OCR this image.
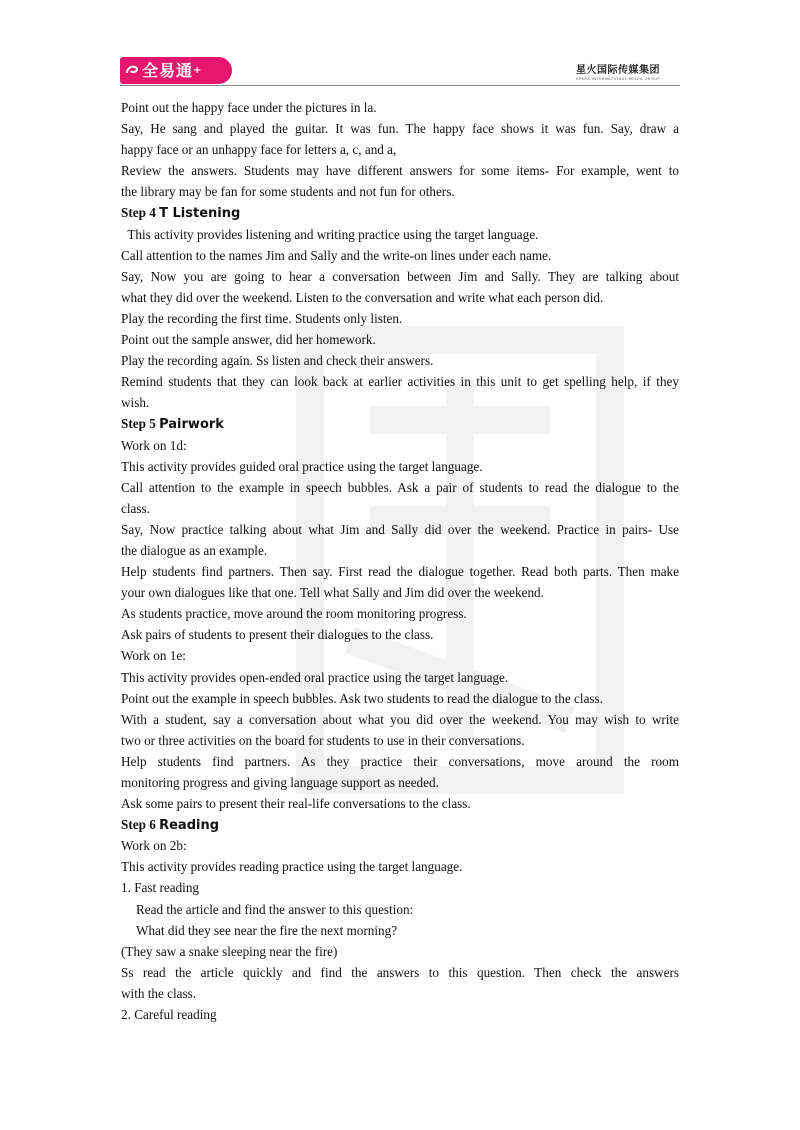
全易通+	星火国际传媒集团
SPARK INTERNATIONAL MEDIA GROUP
Point out the happy face under the pictures in la.
Say, He sang and played the guitar. It was fun. The happy face shows it was fun. Say, draw a
happy face or an unhappy face for letters a, c, and a,
Review the answers. Students may have different answers for some items- For example, went to
the library may be fan for some students and not fun for others.
Step 4 T Listening
This activity provides listening and writing practice using the target language.
Call attention to the names Jim and Sally and the write-on lines under each name.
Say, Now you are going to hear a conversation between Jim and Sally. They are talking about
what they did over the weekend. Listen to the conversation and write what each person did.
Play the recording the first time. Students only listen.
Point out the sample answer, did her homework.
Play the recording again. Ss listen and check their answers.
Remind students that they can look back at earlier activities in this unit to get spelling help, if they
wish.
Step 5 Pairwork
Work on 1d:
This activity provides guided oral practice using the target language.
Call attention to the example in speech bubbles. Ask a pair of students to read the dialogue to the
class.
Say, Now practice talking about what Jim and Sally did over the weekend. Practice in pairs- Use
the dialogue as an example.
Help students find partners. Then say. First read the dialogue together. Read both parts. Then make
your own dialogues like that one. Tell what Sally and Jim did over the weekend.
As students practice, move around the room monitoring progress.
Ask pairs of students to present their dialogues to the class.
Work on 1e:
This activity provides open-ended oral practice using the target language.
Point out the example in speech bubbles. Ask two students to read the dialogue to the class.
With a student, say a conversation about what you did over the weekend. You may wish to write
two or three activities on the board for students to use in their conversations.
Help students find partners. As they practice their conversations, move around the room
monitoring progress and giving language support as needed.
Ask some pairs to present their real-life conversations to the class.
Step 6 Reading
Work on 2b:
This activity provides reading practice using the target language.
1. Fast reading
Read the article and find the answer to this question:
What did they see near the fire the next morning?
(They saw a snake sleeping near the fire)
Ss read the article quickly and find the answers to this question. Then check the answers
with the class.
2. Careful reading
